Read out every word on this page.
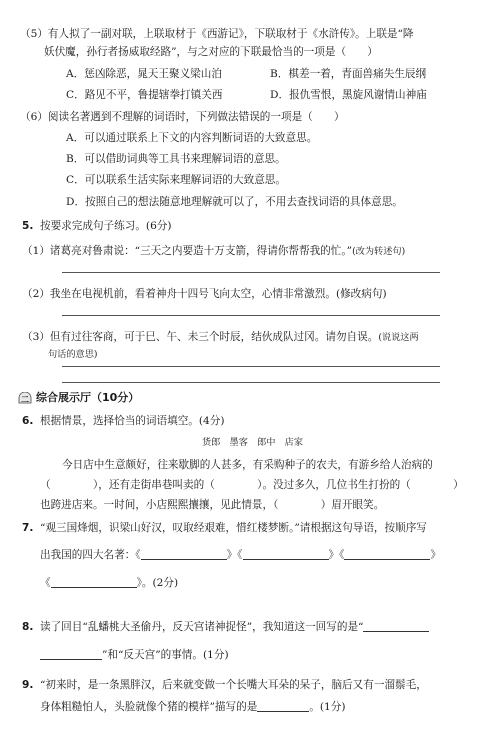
（5）有人拟了一副对联，上联取材于《西游记》，下联取材于《水浒传》。上联是“降
妖伏魔，孙行者扬威取经路”，与之对应的下联最恰当的一项是（　　）
A．惩凶除恶，晁天王聚义梁山泊	B．棋差一着，青面兽痛失生辰纲
C．路见不平，鲁提辖拳打镇关西	D．报仇雪恨，黑旋风谢情山神庙
（6）阅读名著遇到不理解的词语时，下列做法错误的一项是（　　）
A．可以通过联系上下文的内容判断词语的大致意思。
B．可以借助词典等工具书来理解词语的意思。
C．可以联系生活实际来理解词语的大致意思。
D．按照自己的想法随意地理解就可以了，不用去查找词语的具体意思。
5. 按要求完成句子练习。(6分)
（1）诸葛亮对鲁肃说：“三天之内要造十万支箭，得请你帮帮我的忙。”(改为转述句)
（2）我坐在电视机前，看着神舟十四号飞向太空，心情非常激烈。(修改病句)
（3）但有过往客商，可于巳、午、未三个时辰，结伙成队过冈。请勿自误。(说说这两
句话的意思)
二 综合展示厅（10分）
6. 根据情景，选择恰当的词语填空。(4分)
货郎　墨客　郎中　店家
今日店中生意颇好，往来歇脚的人甚多，有采购种子的农夫，有游乡给人治病的
（　　　　），还有走街串巷叫卖的（　　　　）。没过多久，几位书生打扮的（　　　　）
也跨进店来。一时间，小店熙熙攘攘，见此情景，（　　　　）眉开眼笑。
7. “观三国烽烟，识梁山好汉，叹取经艰难，惜红楼梦断。”请根据这句导语，按顺序写
出我国的四大名著：《	》《	》《	》
《	》。(2分)
8. 读了回目“乱蟠桃大圣偷丹，反天宫诸神捉怪”，我知道这一回写的是“
”和“反天宫”的事情。(1分)
9. “初来时，是一条黑胖汉，后来就变做一个长嘴大耳朵的呆子，脑后又有一溜鬃毛，
身体粗糙怕人，头脸就像个猪的模样”描写的是	。(1分)
